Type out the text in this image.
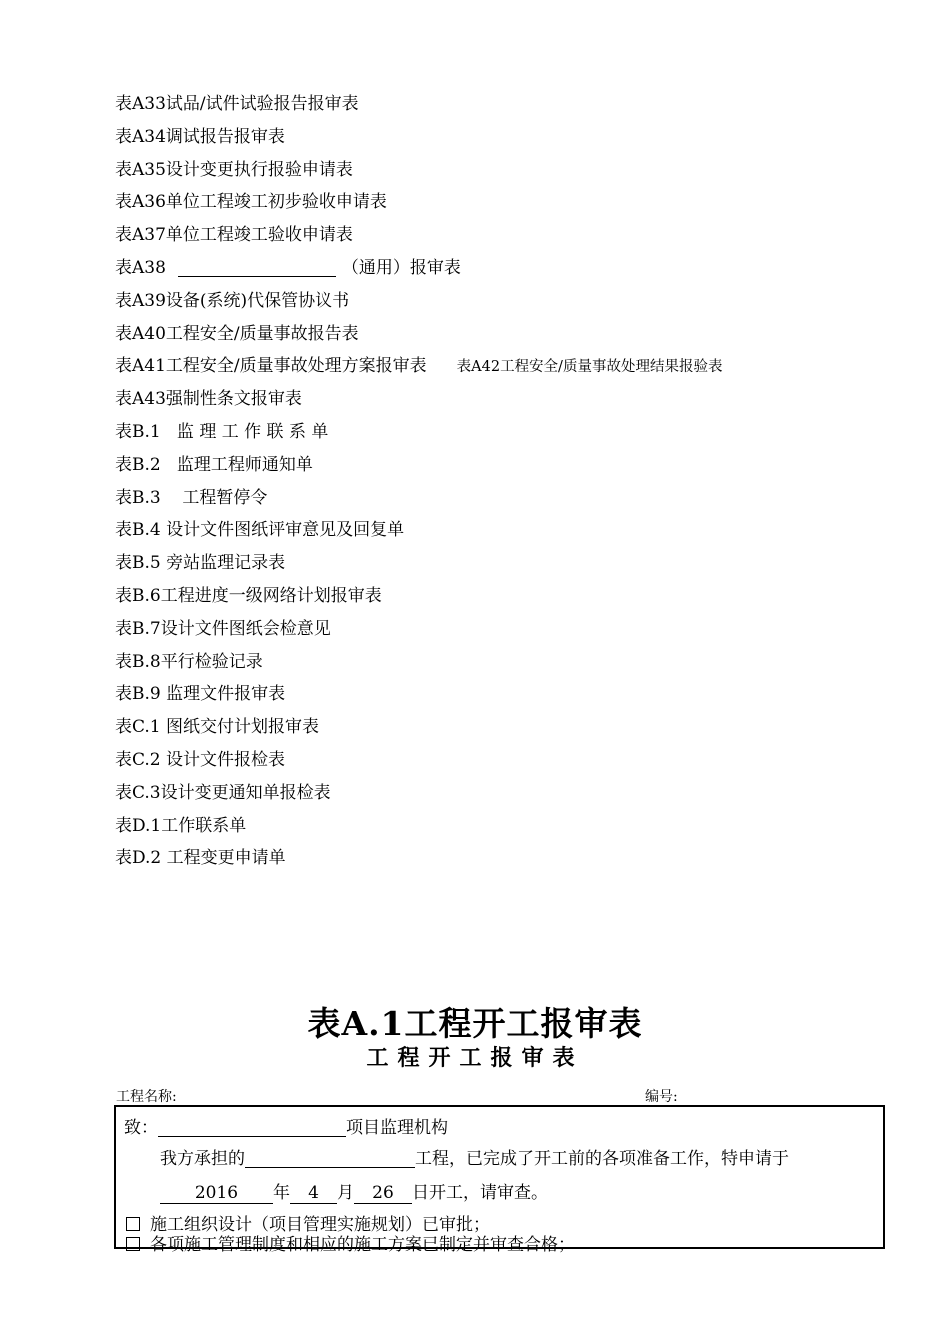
表A33试品/试件试验报告报审表
表A34调试报告报审表
表A35设计变更执行报验申请表
表A36单位工程竣工初步验收申请表
表A37单位工程竣工验收申请表
表A38	（通用）报审表
表A39设备(系统)代保管协议书
表A40工程安全/质量事故报告表
表A41工程安全/质量事故处理方案报审表 表A42工程安全/质量事故处理结果报验表
表A43强制性条文报审表
表B.1   监 理 工 作 联 系 单
表B.2   监理工程师通知单
表B.3    工程暂停令
表B.4 设计文件图纸评审意见及回复单
表B.5 旁站监理记录表
表B.6工程进度一级网络计划报审表
表B.7设计文件图纸会检意见
表B.8平行检验记录
表B.9 监理文件报审表
表C.1 图纸交付计划报审表
表C.2 设计文件报检表
表C.3设计变更通知单报检表
表D.1工作联系单
表D.2 工程变更申请单
表A.1工程开工报审表
工程开工报审表
工程名称:	编号:
致：	项目监理机构
我方承担的	工程，已完成了开工前的各项准备工作，特申请于
2016 年 4 月 26 日开工，请审查。
施工组织设计（项目管理实施规划）已审批；
各项施工管理制度和相应的施工方案已制定并审查合格；
